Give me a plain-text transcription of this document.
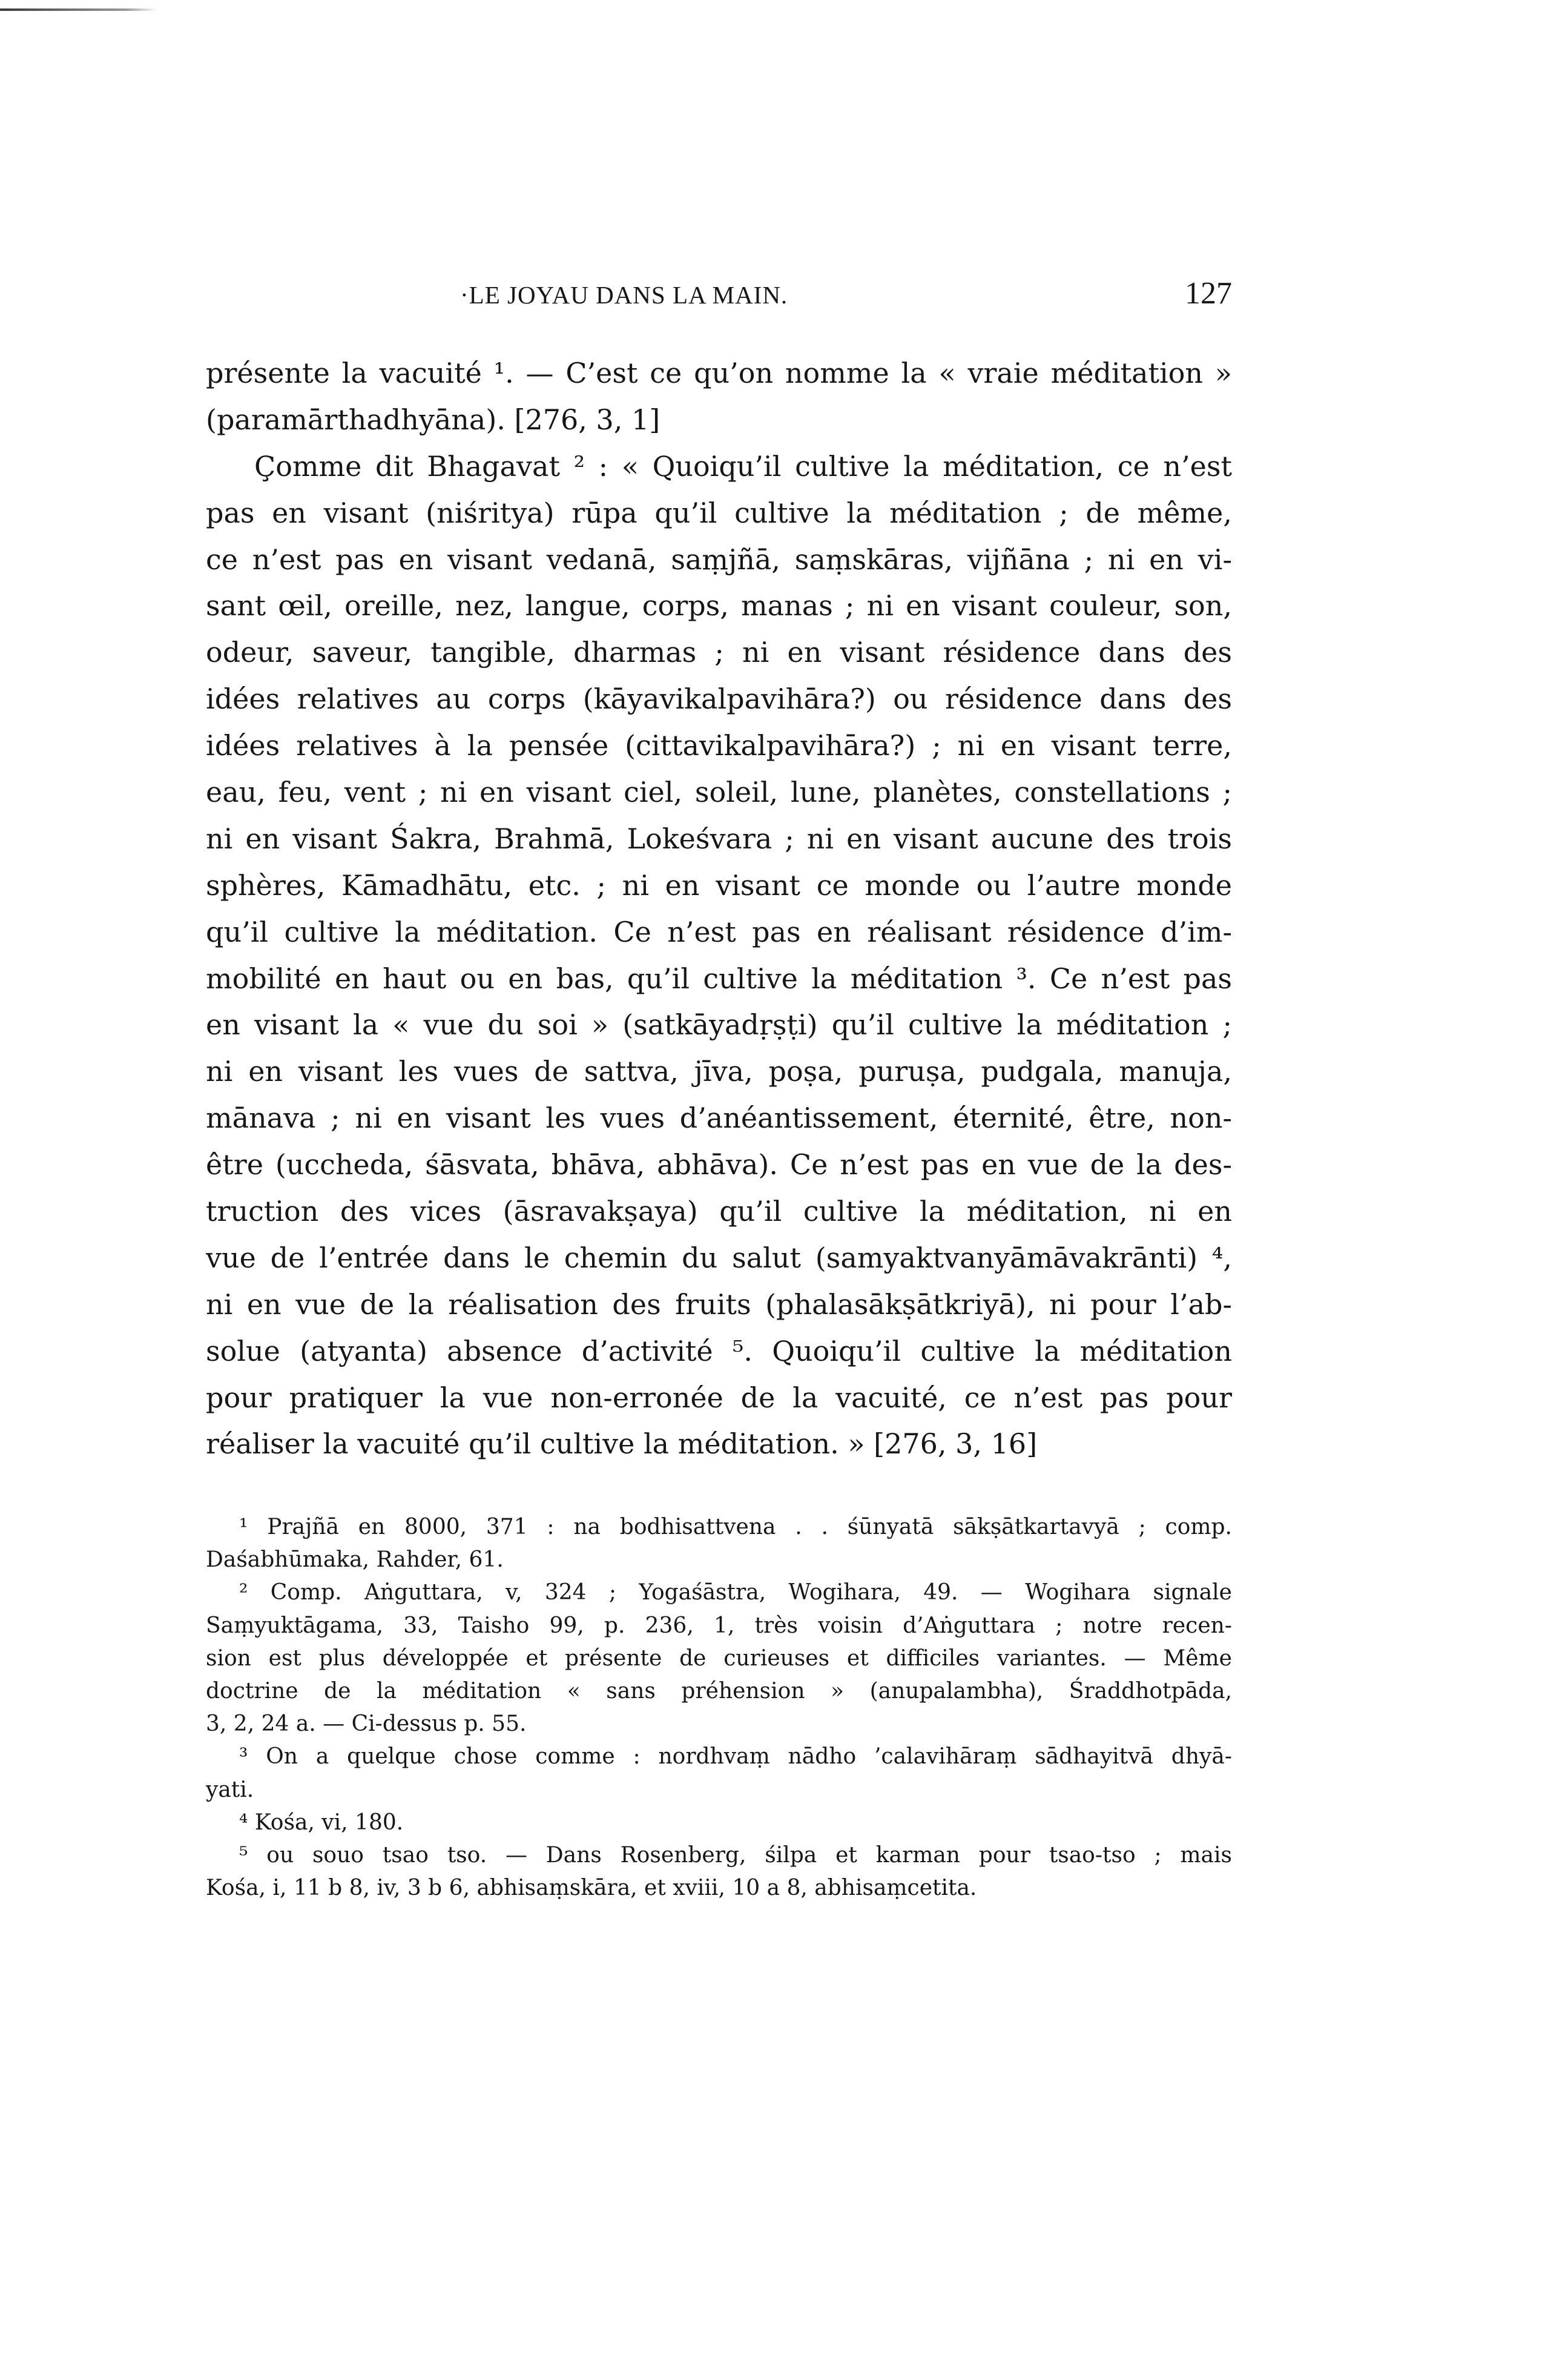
·LE JOYAU DANS LA MAIN.	127
présente la vacuité ¹. — C’est ce qu’on nomme la « vraie méditation »
(paramārthadhyāna). [276, 3, 1]
Çomme dit Bhagavat ² : « Quoiqu’il cultive la méditation, ce n’est
pas en visant (niśritya) rūpa qu’il cultive la méditation ; de même,
ce n’est pas en visant vedanā, saṃjñā, saṃskāras, vijñāna ; ni en vi-
sant œil, oreille, nez, langue, corps, manas ; ni en visant couleur, son,
odeur, saveur, tangible, dharmas ; ni en visant résidence dans des
idées relatives au corps (kāyavikalpavihāra?) ou résidence dans des
idées relatives à la pensée (cittavikalpavihāra?) ; ni en visant terre,
eau, feu, vent ; ni en visant ciel, soleil, lune, planètes, constellations ;
ni en visant Śakra, Brahmā, Lokeśvara ; ni en visant aucune des trois
sphères, Kāmadhātu, etc. ; ni en visant ce monde ou l’autre monde
qu’il cultive la méditation. Ce n’est pas en réalisant résidence d’im-
mobilité en haut ou en bas, qu’il cultive la méditation ³. Ce n’est pas
en visant la « vue du soi » (satkāyadṛṣṭi) qu’il cultive la méditation ;
ni en visant les vues de sattva, jīva, poṣa, puruṣa, pudgala, manuja,
mānava ; ni en visant les vues d’anéantissement, éternité, être, non-
être (uccheda, śāsvata, bhāva, abhāva). Ce n’est pas en vue de la des-
truction des vices (āsravakṣaya) qu’il cultive la méditation, ni en
vue de l’entrée dans le chemin du salut (samyaktvanyāmāvakrānti) ⁴,
ni en vue de la réalisation des fruits (phalasākṣātkriyā), ni pour l’ab-
solue (atyanta) absence d’activité ⁵. Quoiqu’il cultive la méditation
pour pratiquer la vue non-erronée de la vacuité, ce n’est pas pour
réaliser la vacuité qu’il cultive la méditation. » [276, 3, 16]
¹ Prajñā en 8000, 371 : na bodhisattvena . . śūnyatā sākṣātkartavyā ; comp.
Daśabhūmaka, Rahder, 61.
² Comp. Aṅguttara, v, 324 ; Yogaśāstra, Wogihara, 49. — Wogihara signale
Saṃyuktāgama, 33, Taisho 99, p. 236, 1, très voisin d’Aṅguttara ; notre recen-
sion est plus développée et présente de curieuses et difficiles variantes. — Même
doctrine de la méditation « sans préhension » (anupalambha), Śraddhotpāda,
3, 2, 24 a. — Ci-dessus p. 55.
³ On a quelque chose comme : nordhvaṃ nādho ’calavihāraṃ sādhayitvā dhyā-
yati.
⁴ Kośa, vi, 180.
⁵ ou souo tsao tso. — Dans Rosenberg, śilpa et karman pour tsao-tso ; mais
Kośa, i, 11 b 8, iv, 3 b 6, abhisaṃskāra, et xviii, 10 a 8, abhisaṃcetita.
